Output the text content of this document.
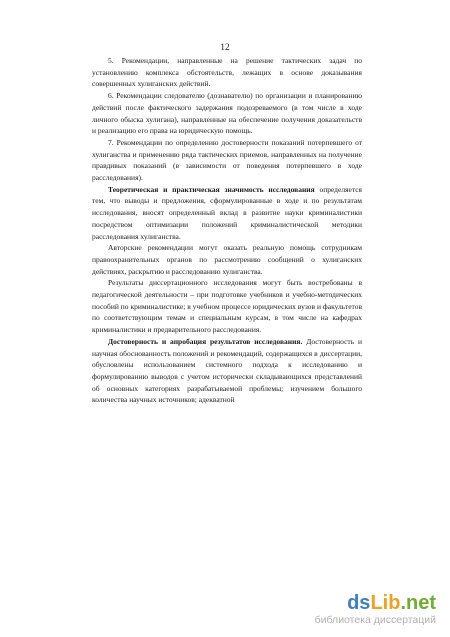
12

5. Рекомендации, направленные на решение тактических задач по установлению комплекса обстоятельств, лежащих в основе доказывания совершенных хулиганских действий.

6. Рекомендации следователю (дознавателю) по организации и планированию действий после фактического задержания подозреваемого (в том числе в ходе личного обыска хулигана), направленные на обеспечение получения доказательств и реализацию его права на юридическую помощь.

7. Рекомендации по определению достоверности показаний потерпевшего от хулиганства и применению ряда тактических приемов, направленных на получение правдивых показаний (в зависимости от поведения потерпевшего в ходе расследования).

Теоретическая и практическая значимость исследования определяется тем, что выводы и предложения, сформулированные в ходе и по результатам исследования, вносят определенный вклад в развитие науки криминалистики посредством оптимизации положений криминалистической методики расследования хулиганства.

Авторские рекомендации могут оказать реальную помощь сотрудникам правоохранительных органов по рассмотрению сообщений о хулиганских действиях, раскрытию и расследованию хулиганства.

Результаты диссертационного исследования могут быть востребованы в педагогической деятельности – при подготовке учебников и учебно-методических пособий по криминалистике; в учебном процессе юридических вузов и факультетов по соответствующим темам и специальным курсам, в том числе на кафедрах криминалистики и предварительного расследования.

Достоверность и апробация результатов исследования. Достоверность и научная обоснованность положений и рекомендаций, содержащихся в диссертации, обусловлены использованием системного подхода к исследованию и формулированию выводов с учетом исторически складывающихся представлений об основных категориях разрабатываемой проблемы; изучением большого количества научных источников; адекватной

dsLib.net
библиотека диссертаций
